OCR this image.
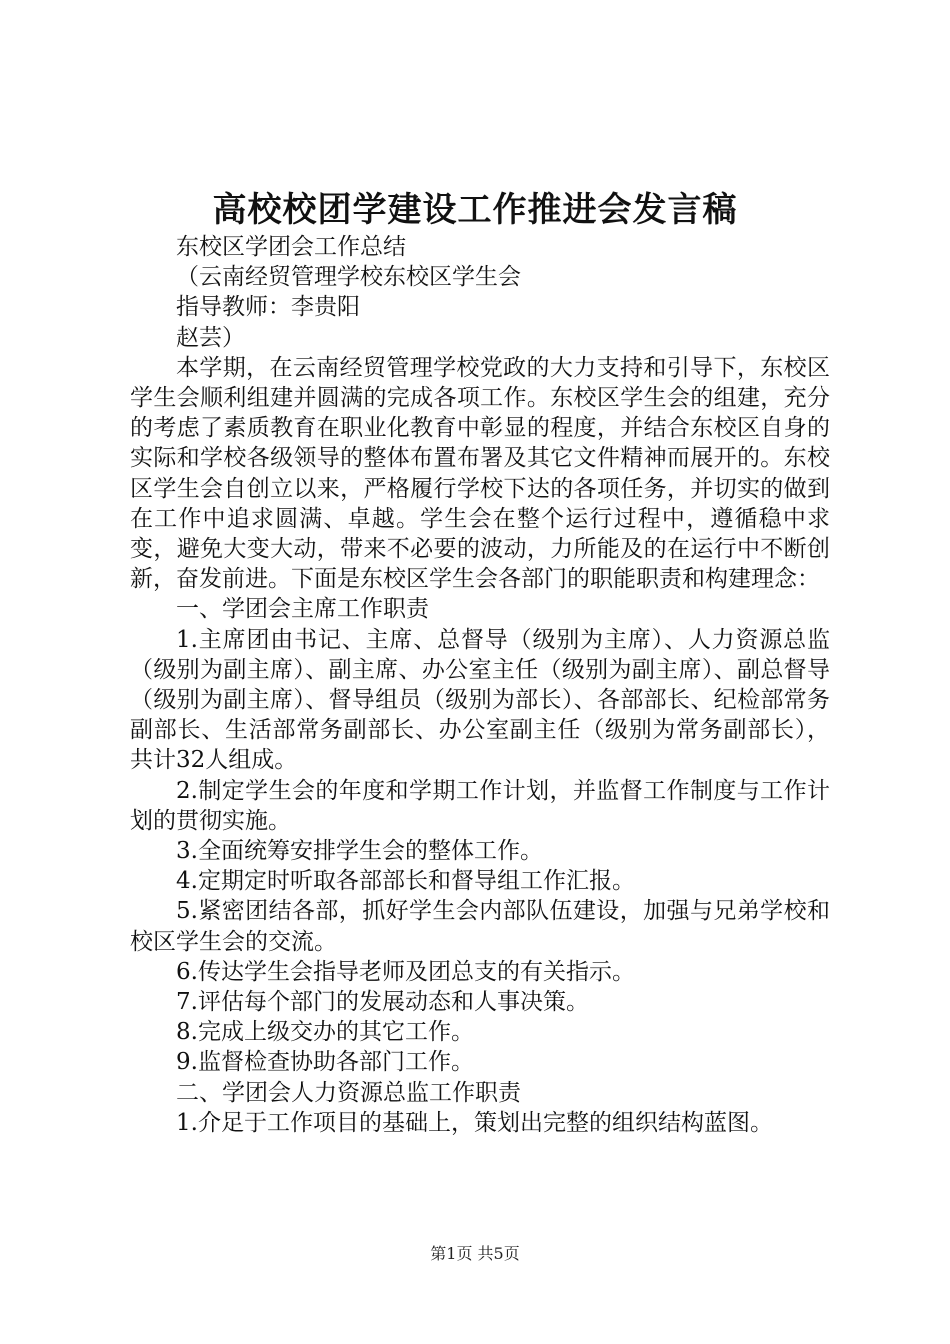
高校校团学建设工作推进会发言稿

东校区学团会工作总结

（云南经贸管理学校东校区学生会

指导教师：李贵阳

赵芸）

本学期，在云南经贸管理学校党政的大力支持和引导下，东校区学生会顺利组建并圆满的完成各项工作。东校区学生会的组建，充分的考虑了素质教育在职业化教育中彰显的程度，并结合东校区自身的实际和学校各级领导的整体布置布署及其它文件精神而展开的。东校区学生会自创立以来，严格履行学校下达的各项任务，并切实的做到在工作中追求圆满、卓越。学生会在整个运行过程中，遵循稳中求变，避免大变大动，带来不必要的波动，力所能及的在运行中不断创新，奋发前进。下面是东校区学生会各部门的职能职责和构建理念：

一、学团会主席工作职责

1.主席团由书记、主席、总督导（级别为主席）、人力资源总监（级别为副主席）、副主席、办公室主任（级别为副主席）、副总督导（级别为副主席）、督导组员（级别为部长）、各部部长、纪检部常务副部长、生活部常务副部长、办公室副主任（级别为常务副部长），共计32人组成。

2.制定学生会的年度和学期工作计划，并监督工作制度与工作计划的贯彻实施。

3.全面统筹安排学生会的整体工作。

4.定期定时听取各部部长和督导组工作汇报。

5.紧密团结各部，抓好学生会内部队伍建设，加强与兄弟学校和校区学生会的交流。

6.传达学生会指导老师及团总支的有关指示。

7.评估每个部门的发展动态和人事决策。

8.完成上级交办的其它工作。

9.监督检查协助各部门工作。

二、学团会人力资源总监工作职责

1.介足于工作项目的基础上，策划出完整的组织结构蓝图。

第1页 共5页
